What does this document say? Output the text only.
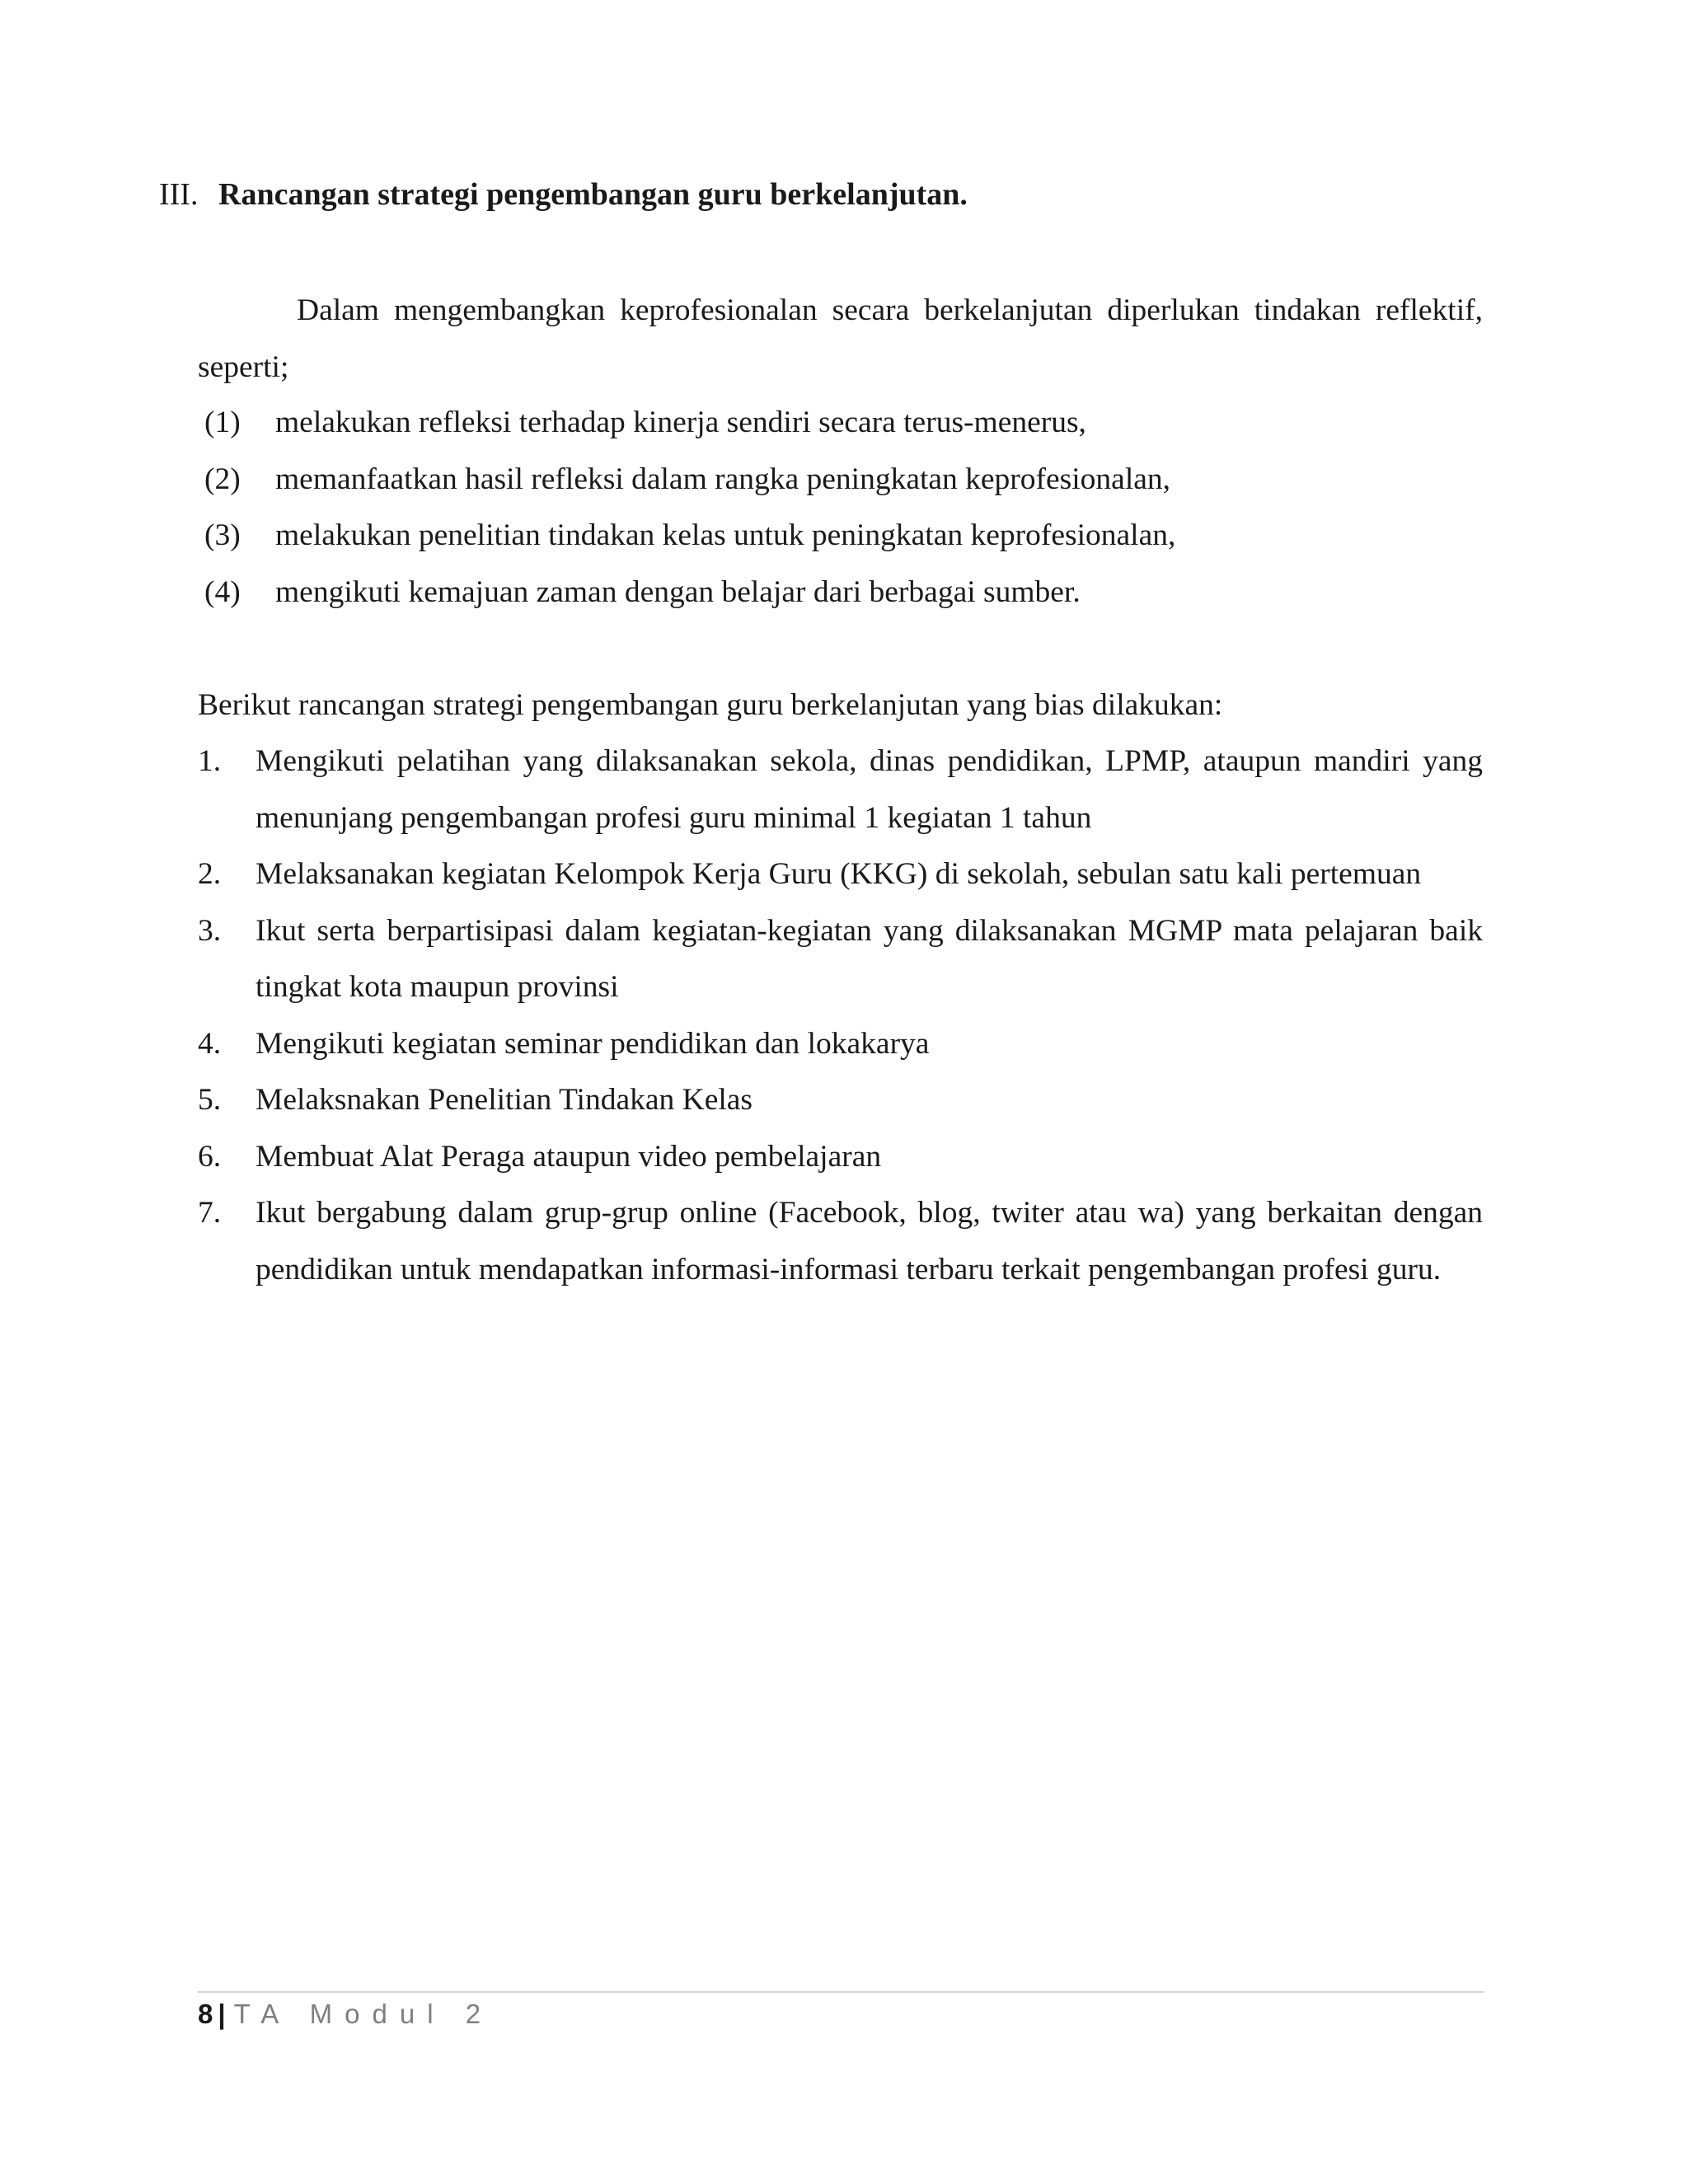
III. Rancangan strategi pengembangan guru berkelanjutan.

Dalam mengembangkan keprofesionalan secara berkelanjutan diperlukan tindakan reflektif, seperti;

(1)	melakukan refleksi terhadap kinerja sendiri secara terus-menerus,
(2)	memanfaatkan hasil refleksi dalam rangka peningkatan keprofesionalan,
(3)	melakukan penelitian tindakan kelas untuk peningkatan keprofesionalan,
(4)	mengikuti kemajuan zaman dengan belajar dari berbagai sumber.

Berikut rancangan strategi pengembangan guru berkelanjutan yang bias dilakukan:

1.	Mengikuti pelatihan yang dilaksanakan sekola, dinas pendidikan, LPMP, ataupun mandiri yang menunjang pengembangan profesi guru minimal 1 kegiatan 1 tahun
2.	Melaksanakan kegiatan Kelompok Kerja Guru (KKG) di sekolah, sebulan satu kali pertemuan
3.	Ikut serta berpartisipasi dalam kegiatan-kegiatan yang dilaksanakan MGMP mata pelajaran baik tingkat kota maupun provinsi
4.	Mengikuti kegiatan seminar pendidikan dan lokakarya
5.	Melaksnakan Penelitian Tindakan Kelas
6.	Membuat Alat Peraga ataupun video pembelajaran
7.	Ikut bergabung dalam grup-grup online (Facebook, blog, twiter atau wa) yang berkaitan dengan pendidikan untuk mendapatkan informasi-informasi terbaru terkait pengembangan profesi guru.
8 | TA Modul 2
